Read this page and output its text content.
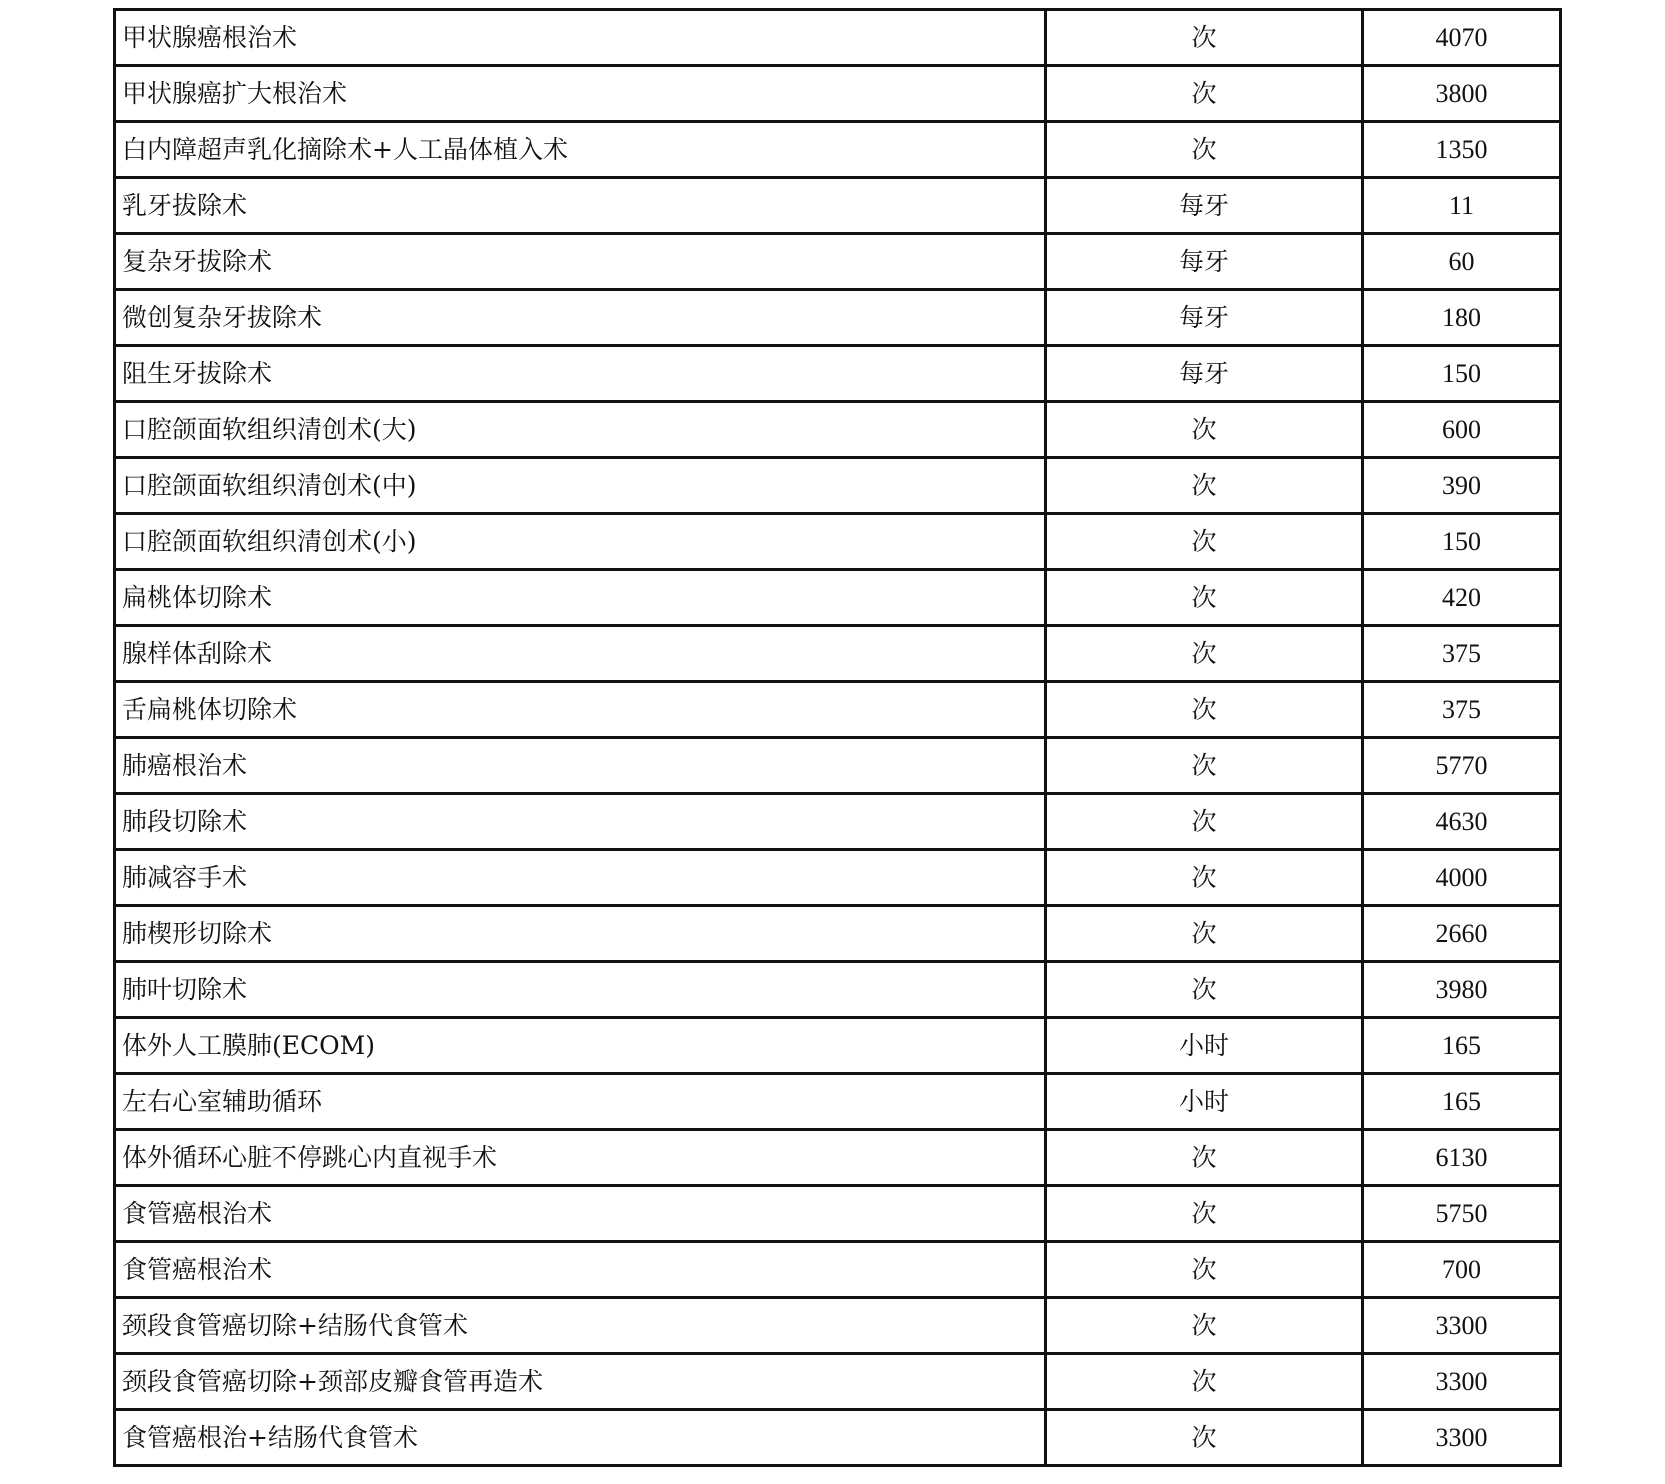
甲状腺癌根治术	次	4070
甲状腺癌扩大根治术	次	3800
白内障超声乳化摘除术+人工晶体植入术	次	1350
乳牙拔除术	每牙	11
复杂牙拔除术	每牙	60
微创复杂牙拔除术	每牙	180
阻生牙拔除术	每牙	150
口腔颌面软组织清创术(大)	次	600
口腔颌面软组织清创术(中)	次	390
口腔颌面软组织清创术(小)	次	150
扁桃体切除术	次	420
腺样体刮除术	次	375
舌扁桃体切除术	次	375
肺癌根治术	次	5770
肺段切除术	次	4630
肺减容手术	次	4000
肺楔形切除术	次	2660
肺叶切除术	次	3980
体外人工膜肺(ECOM)	小时	165
左右心室辅助循环	小时	165
体外循环心脏不停跳心内直视手术	次	6130
食管癌根治术	次	5750
食管癌根治术	次	700
颈段食管癌切除+结肠代食管术	次	3300
颈段食管癌切除+颈部皮瓣食管再造术	次	3300
食管癌根治+结肠代食管术	次	3300
